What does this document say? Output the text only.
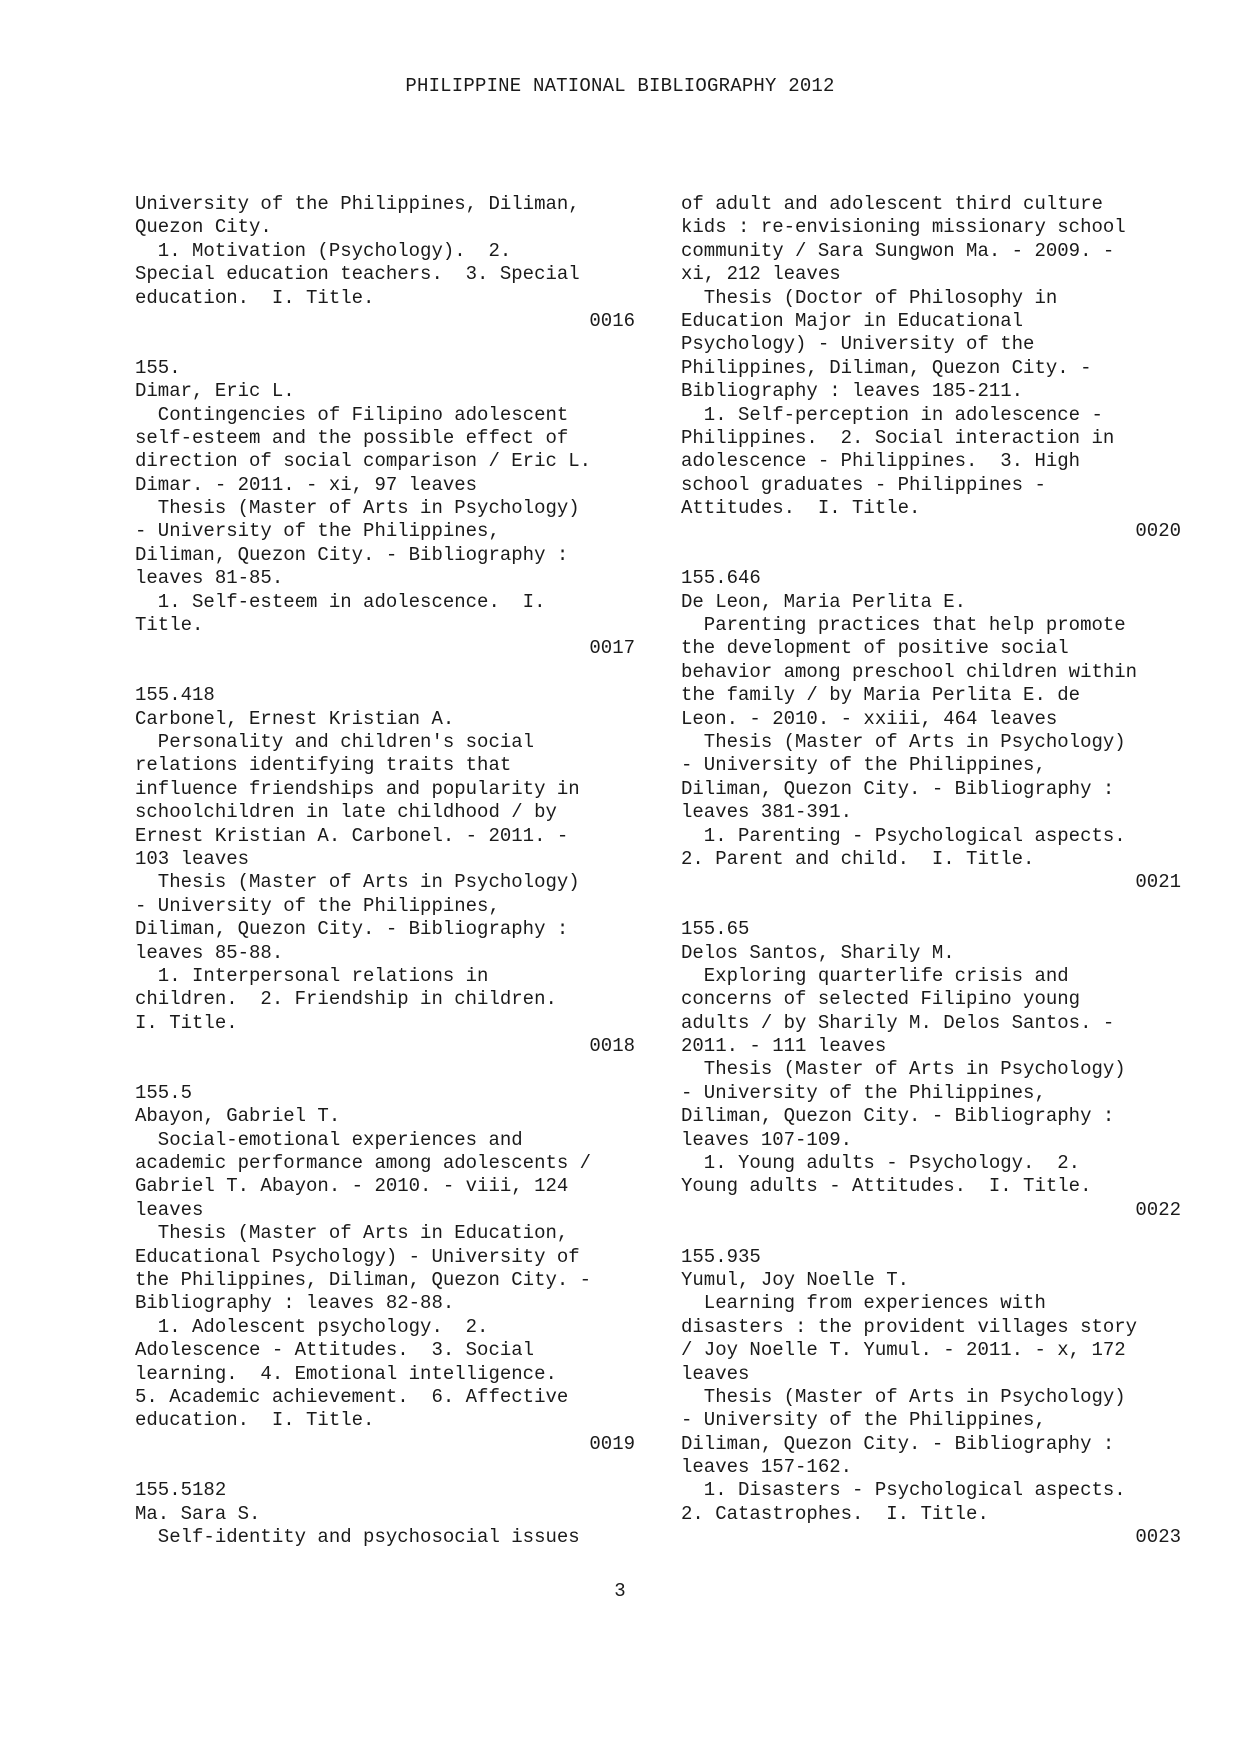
PHILIPPINE NATIONAL BIBLIOGRAPHY 2012
University of the Philippines, Diliman,
Quezon City.
1. Motivation (Psychology).  2.
Special education teachers.  3. Special
education.  I. Title.
0016
155.
Dimar, Eric L.
Contingencies of Filipino adolescent
self-esteem and the possible effect of
direction of social comparison / Eric L.
Dimar. - 2011. - xi, 97 leaves
Thesis (Master of Arts in Psychology)
- University of the Philippines,
Diliman, Quezon City. - Bibliography :
leaves 81-85.
1. Self-esteem in adolescence.  I.
Title.
0017
155.418
Carbonel, Ernest Kristian A.
Personality and children's social
relations identifying traits that
influence friendships and popularity in
schoolchildren in late childhood / by
Ernest Kristian A. Carbonel. - 2011. -
103 leaves
Thesis (Master of Arts in Psychology)
- University of the Philippines,
Diliman, Quezon City. - Bibliography :
leaves 85-88.
1. Interpersonal relations in
children.  2. Friendship in children.
I. Title.
0018
155.5
Abayon, Gabriel T.
Social-emotional experiences and
academic performance among adolescents /
Gabriel T. Abayon. - 2010. - viii, 124
leaves
Thesis (Master of Arts in Education,
Educational Psychology) - University of
the Philippines, Diliman, Quezon City. -
Bibliography : leaves 82-88.
1. Adolescent psychology.  2.
Adolescence - Attitudes.  3. Social
learning.  4. Emotional intelligence.
5. Academic achievement.  6. Affective
education.  I. Title.
0019
155.5182
Ma. Sara S.
Self-identity and psychosocial issues
of adult and adolescent third culture
kids : re-envisioning missionary school
community / Sara Sungwon Ma. - 2009. -
xi, 212 leaves
Thesis (Doctor of Philosophy in
Education Major in Educational
Psychology) - University of the
Philippines, Diliman, Quezon City. -
Bibliography : leaves 185-211.
1. Self-perception in adolescence -
Philippines.  2. Social interaction in
adolescence - Philippines.  3. High
school graduates - Philippines -
Attitudes.  I. Title.
0020
155.646
De Leon, Maria Perlita E.
Parenting practices that help promote
the development of positive social
behavior among preschool children within
the family / by Maria Perlita E. de
Leon. - 2010. - xxiii, 464 leaves
Thesis (Master of Arts in Psychology)
- University of the Philippines,
Diliman, Quezon City. - Bibliography :
leaves 381-391.
1. Parenting - Psychological aspects.
2. Parent and child.  I. Title.
0021
155.65
Delos Santos, Sharily M.
Exploring quarterlife crisis and
concerns of selected Filipino young
adults / by Sharily M. Delos Santos. -
2011. - 111 leaves
Thesis (Master of Arts in Psychology)
- University of the Philippines,
Diliman, Quezon City. - Bibliography :
leaves 107-109.
1. Young adults - Psychology.  2.
Young adults - Attitudes.  I. Title.
0022
155.935
Yumul, Joy Noelle T.
Learning from experiences with
disasters : the provident villages story
/ Joy Noelle T. Yumul. - 2011. - x, 172
leaves
Thesis (Master of Arts in Psychology)
- University of the Philippines,
Diliman, Quezon City. - Bibliography :
leaves 157-162.
1. Disasters - Psychological aspects.
2. Catastrophes.  I. Title.
0023
3
